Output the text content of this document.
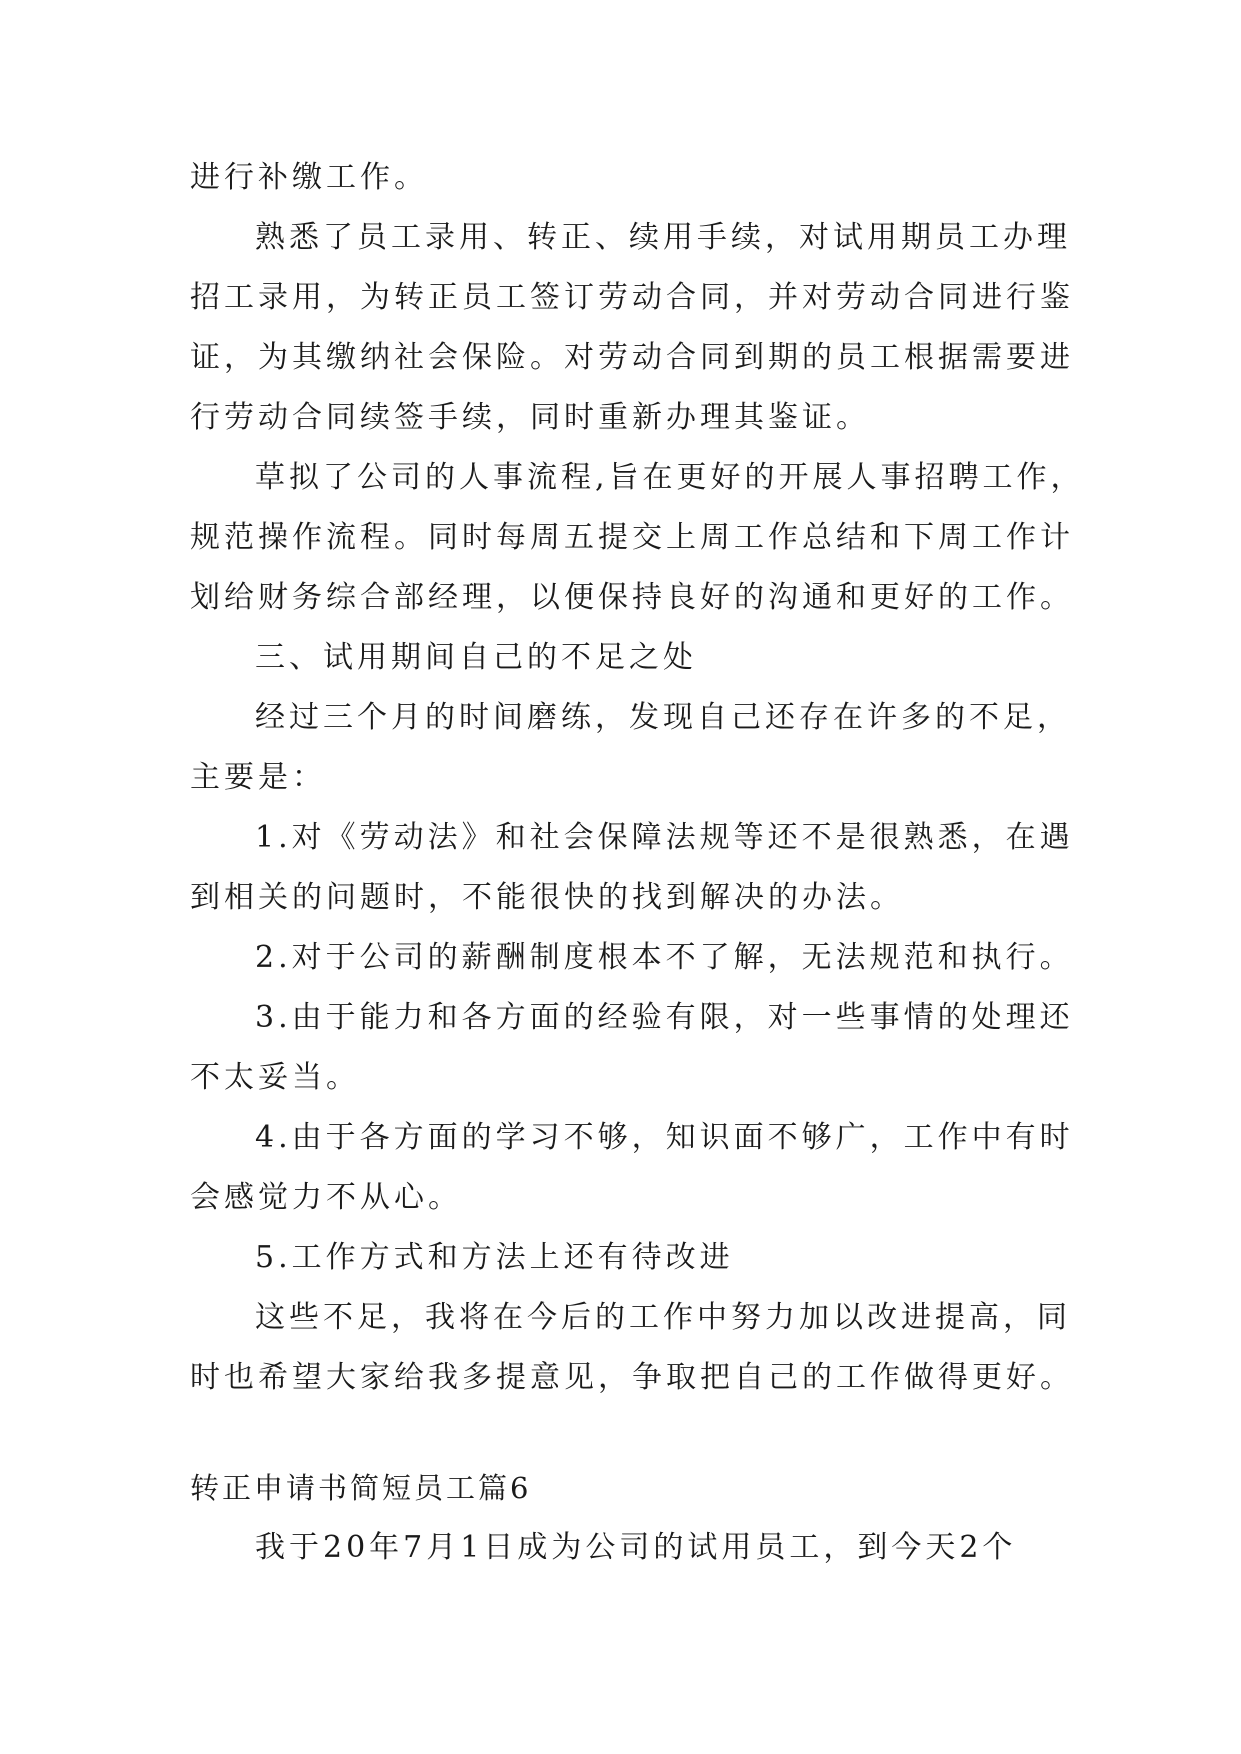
进行补缴工作。
熟悉了员工录用、转正、续用手续，对试用期员工办理
招工录用，为转正员工签订劳动合同，并对劳动合同进行鉴
证，为其缴纳社会保险。对劳动合同到期的员工根据需要进
行劳动合同续签手续，同时重新办理其鉴证。
草拟了公司的人事流程,旨在更好的开展人事招聘工作，
规范操作流程。同时每周五提交上周工作总结和下周工作计
划给财务综合部经理，以便保持良好的沟通和更好的工作。
三、试用期间自己的不足之处
经过三个月的时间磨练，发现自己还存在许多的不足，
主要是：
1.对《劳动法》和社会保障法规等还不是很熟悉，在遇
到相关的问题时，不能很快的找到解决的办法。
2.对于公司的薪酬制度根本不了解，无法规范和执行。
3.由于能力和各方面的经验有限，对一些事情的处理还
不太妥当。
4.由于各方面的学习不够，知识面不够广，工作中有时
会感觉力不从心。
5.工作方式和方法上还有待改进
这些不足，我将在今后的工作中努力加以改进提高，同
时也希望大家给我多提意见，争取把自己的工作做得更好。
转正申请书简短员工篇6
我于20年7月1日成为公司的试用员工，到今天2个
